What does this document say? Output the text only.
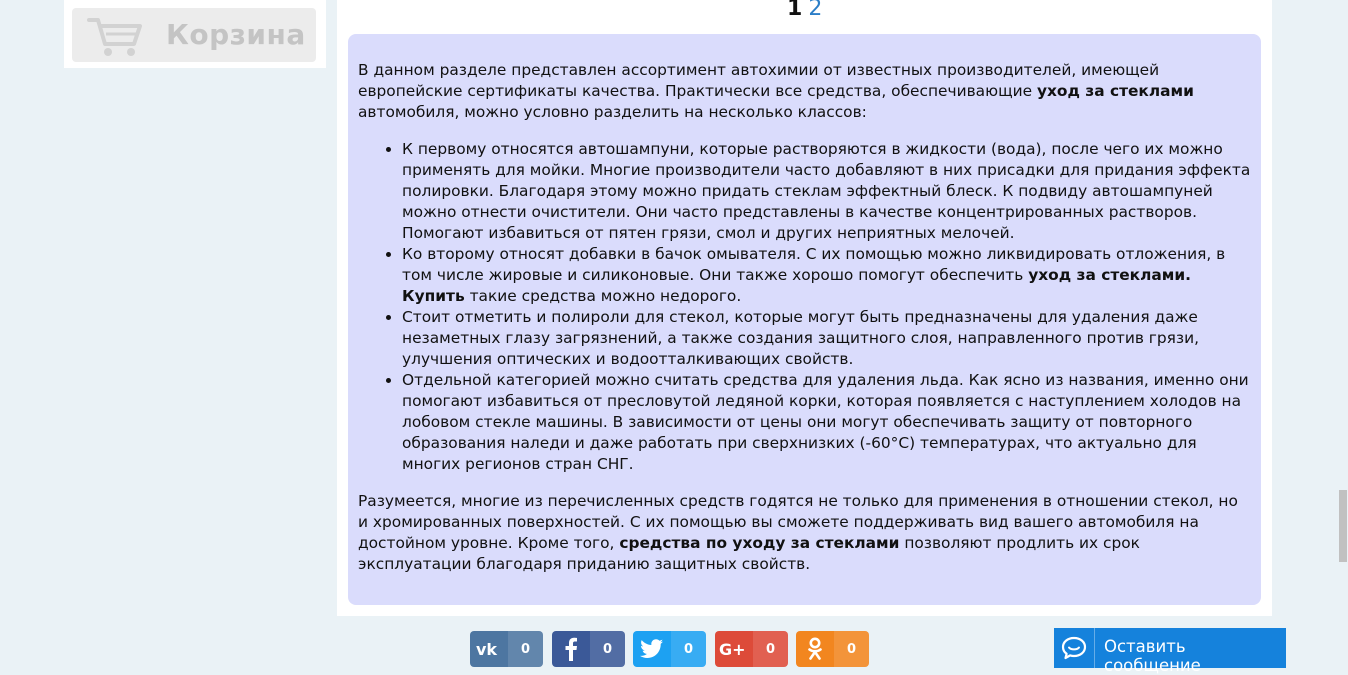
Корзина
1 2

В данном разделе представлен ассортимент автохимии от известных производителей, имеющей европейские сертификаты качества. Практически все средства, обеспечивающие уход за стеклами автомобиля, можно условно разделить на несколько классов:

• К первому относятся автошампуни, которые растворяются в жидкости (вода), после чего их можно применять для мойки. Многие производители часто добавляют в них присадки для придания эффекта полировки. Благодаря этому можно придать стеклам эффектный блеск. К подвиду автошампуней можно отнести очистители. Они часто представлены в качестве концентрированных растворов. Помогают избавиться от пятен грязи, смол и других неприятных мелочей.
• Ко второму относят добавки в бачок омывателя. С их помощью можно ликвидировать отложения, в том числе жировые и силиконовые. Они также хорошо помогут обеспечить уход за стеклами. Купить такие средства можно недорого.
• Стоит отметить и полироли для стекол, которые могут быть предназначены для удаления даже незаметных глазу загрязнений, а также создания защитного слоя, направленного против грязи, улучшения оптических и водоотталкивающих свойств.
• Отдельной категорией можно считать средства для удаления льда. Как ясно из названия, именно они помогают избавиться от пресловутой ледяной корки, которая появляется с наступлением холодов на лобовом стекле машины. В зависимости от цены они могут обеспечивать защиту от повторного образования наледи и даже работать при сверхнизких (-60°C) температурах, что актуально для многих регионов стран СНГ.

Разумеется, многие из перечисленных средств годятся не только для применения в отношении стекол, но и хромированных поверхностей. С их помощью вы сможете поддерживать вид вашего автомобиля на достойном уровне. Кроме того, средства по уходу за стеклами позволяют продлить их срок эксплуатации благодаря приданию защитных свойств.

vk	0	0	0	G+	0	0	Оставить сообщение
